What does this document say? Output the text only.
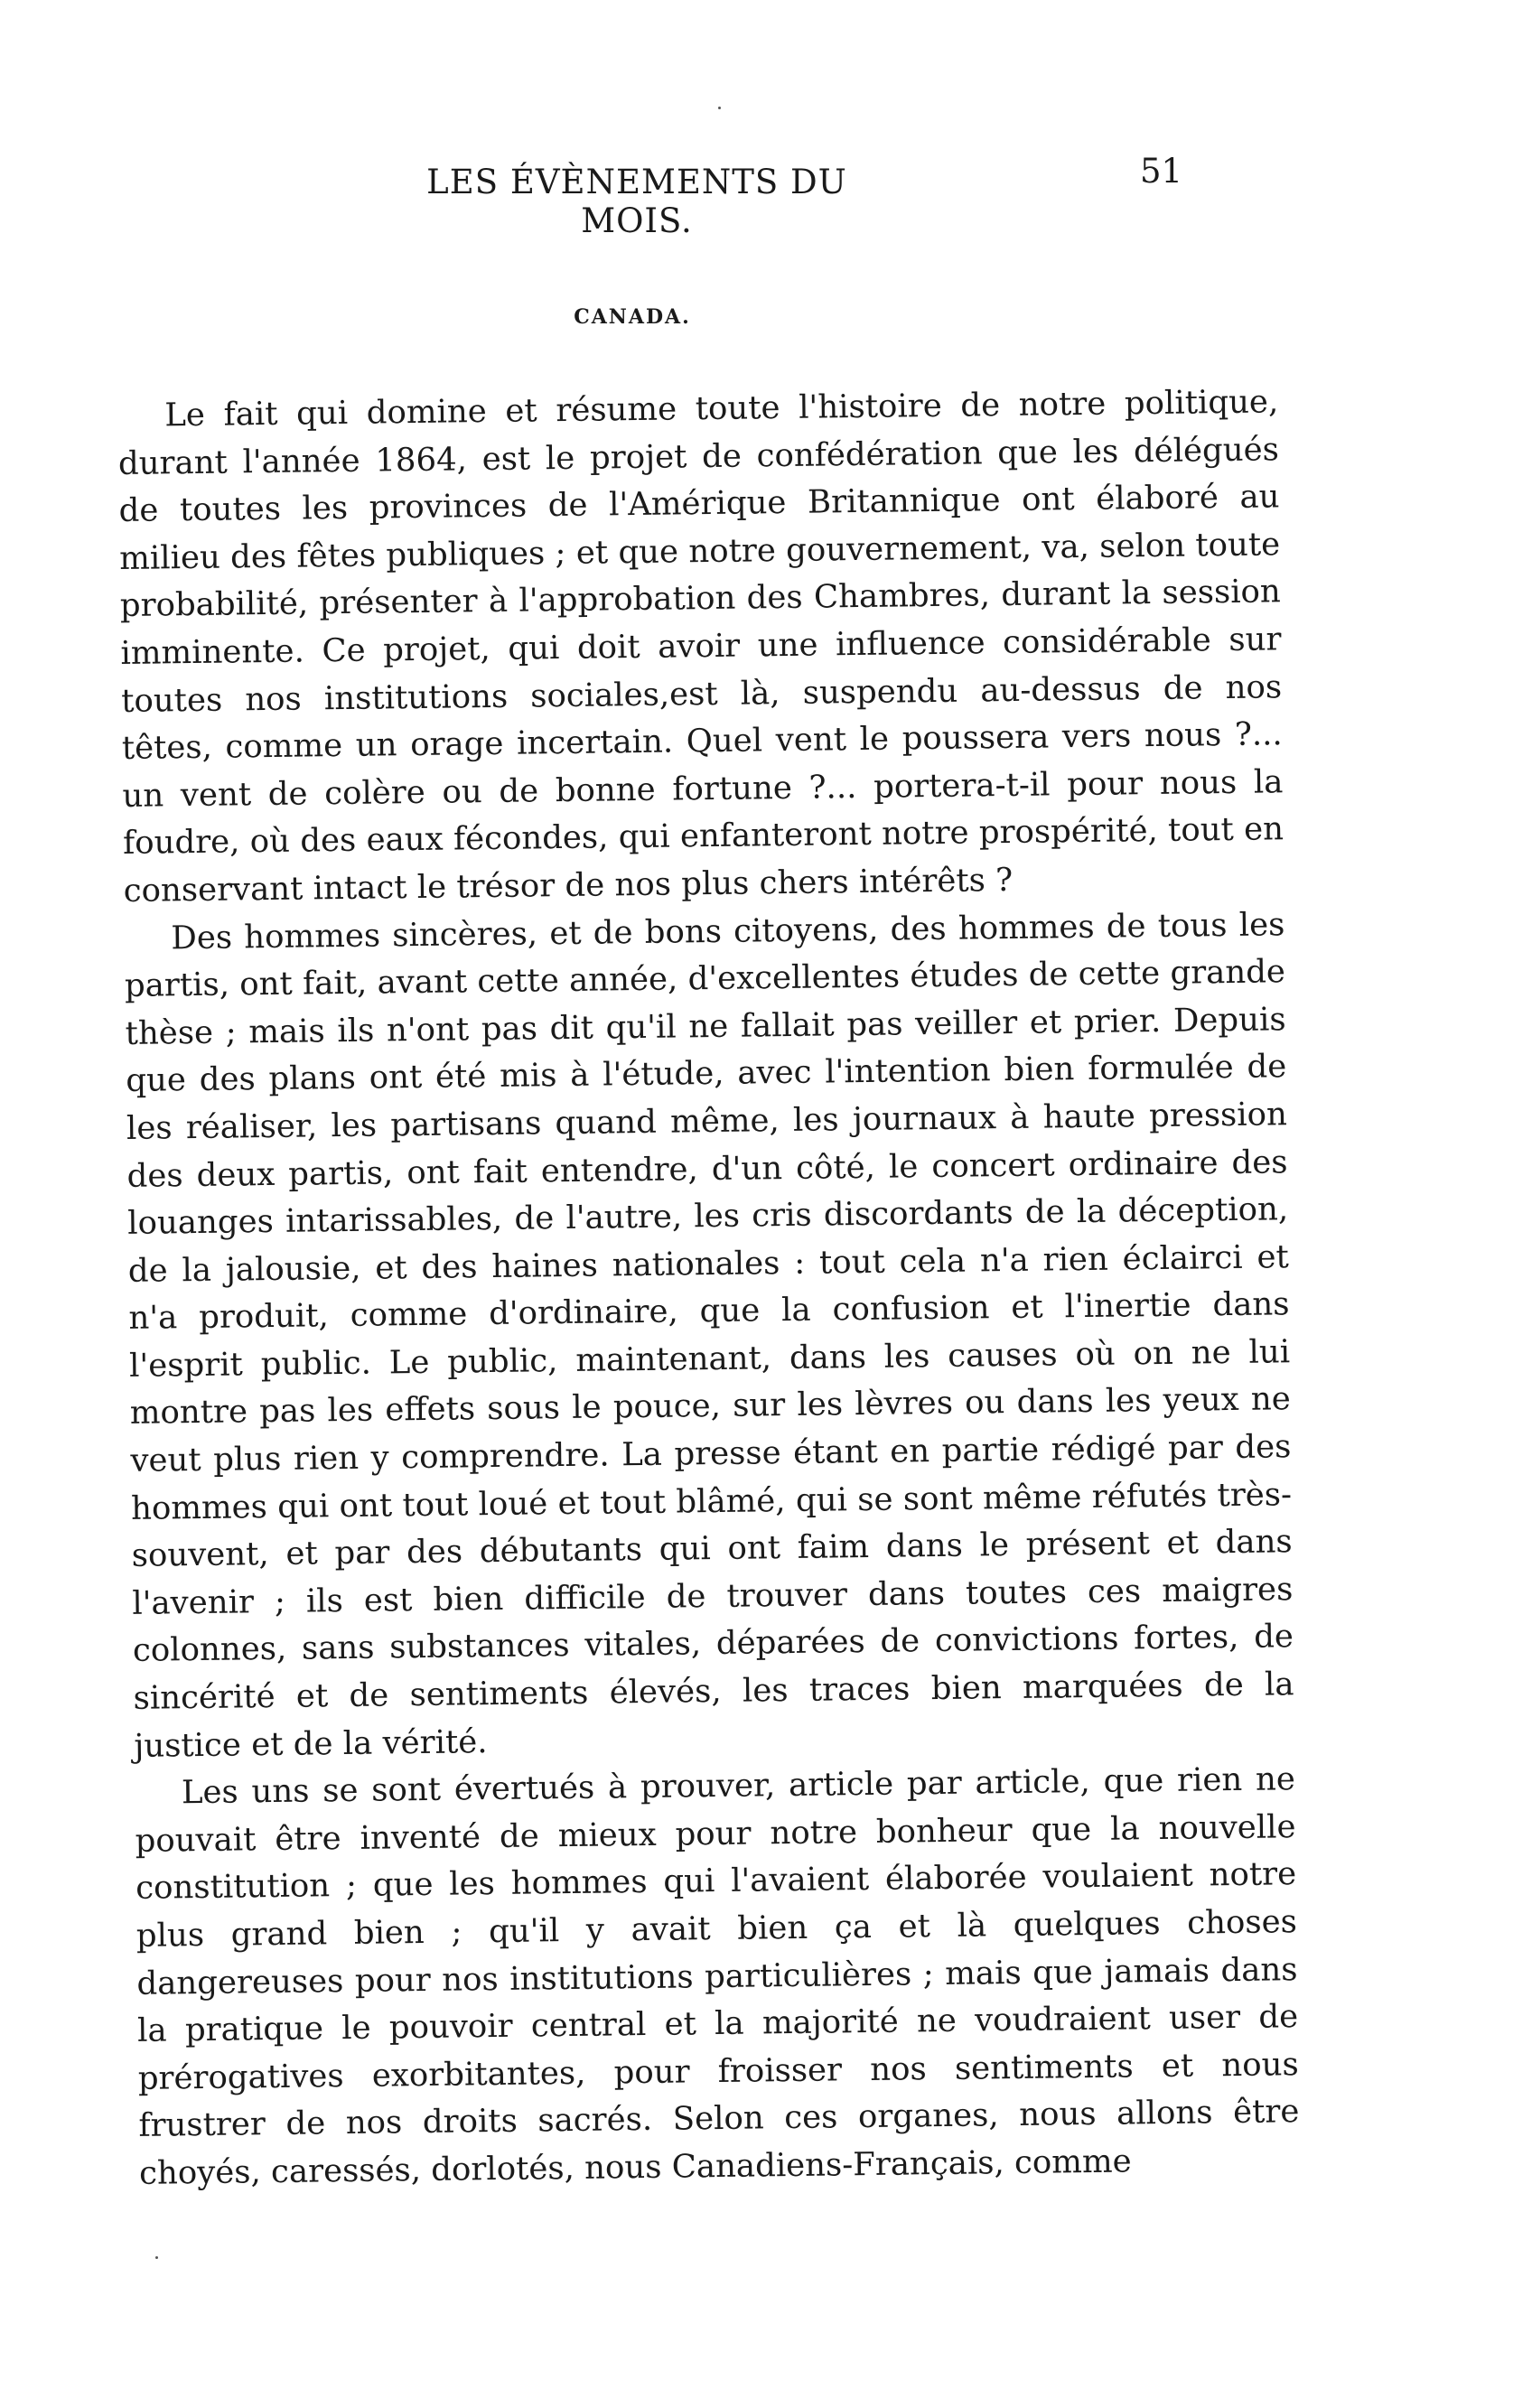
LES ÉVÈNEMENTS DU MOIS.
51
CANADA.

Le fait qui domine et résume toute l'histoire de notre politique, durant l'année 1864, est le projet de confédération que les délégués de toutes les provinces de l'Amérique Britannique ont élaboré au milieu des fêtes publiques ; et que notre gouvernement, va, selon toute probabilité, présenter à l'approbation des Chambres, durant la session imminente. Ce projet, qui doit avoir une influence considérable sur toutes nos institutions sociales,est là, suspendu au-dessus de nos têtes, comme un orage incertain. Quel vent le poussera vers nous ?... un vent de colère ou de bonne fortune ?... portera-t-il pour nous la foudre, où des eaux fécondes, qui enfanteront notre prospérité, tout en conservant intact le trésor de nos plus chers intérêts ?

Des hommes sincères, et de bons citoyens, des hommes de tous les partis, ont fait, avant cette année, d'excellentes études de cette grande thèse ; mais ils n'ont pas dit qu'il ne fallait pas veiller et prier. Depuis que des plans ont été mis à l'étude, avec l'intention bien formulée de les réaliser, les partisans quand même, les journaux à haute pression des deux partis, ont fait entendre, d'un côté, le concert ordinaire des louanges intarissables, de l'autre, les cris discordants de la déception, de la jalousie, et des haines nationales : tout cela n'a rien éclairci et n'a produit, comme d'ordinaire, que la confusion et l'inertie dans l'esprit public. Le public, maintenant, dans les causes où on ne lui montre pas les effets sous le pouce, sur les lèvres ou dans les yeux ne veut plus rien y comprendre. La presse étant en partie rédigé par des hommes qui ont tout loué et tout blâmé, qui se sont même réfutés très-souvent, et par des débutants qui ont faim dans le présent et dans l'avenir ; ils est bien difficile de trouver dans toutes ces maigres colonnes, sans substances vitales, déparées de convictions fortes, de sincérité et de sentiments élevés, les traces bien marquées de la justice et de la vérité.

Les uns se sont évertués à prouver, article par article, que rien ne pouvait être inventé de mieux pour notre bonheur que la nouvelle constitution ; que les hommes qui l'avaient élaborée voulaient notre plus grand bien ; qu'il y avait bien ça et là quelques choses dangereuses pour nos institutions particulières ; mais que jamais dans la pratique le pouvoir central et la majorité ne voudraient user de prérogatives exorbitantes, pour froisser nos sentiments et nous frustrer de nos droits sacrés. Selon ces organes, nous allons être choyés, caressés, dorlotés, nous Canadiens-Français, comme
